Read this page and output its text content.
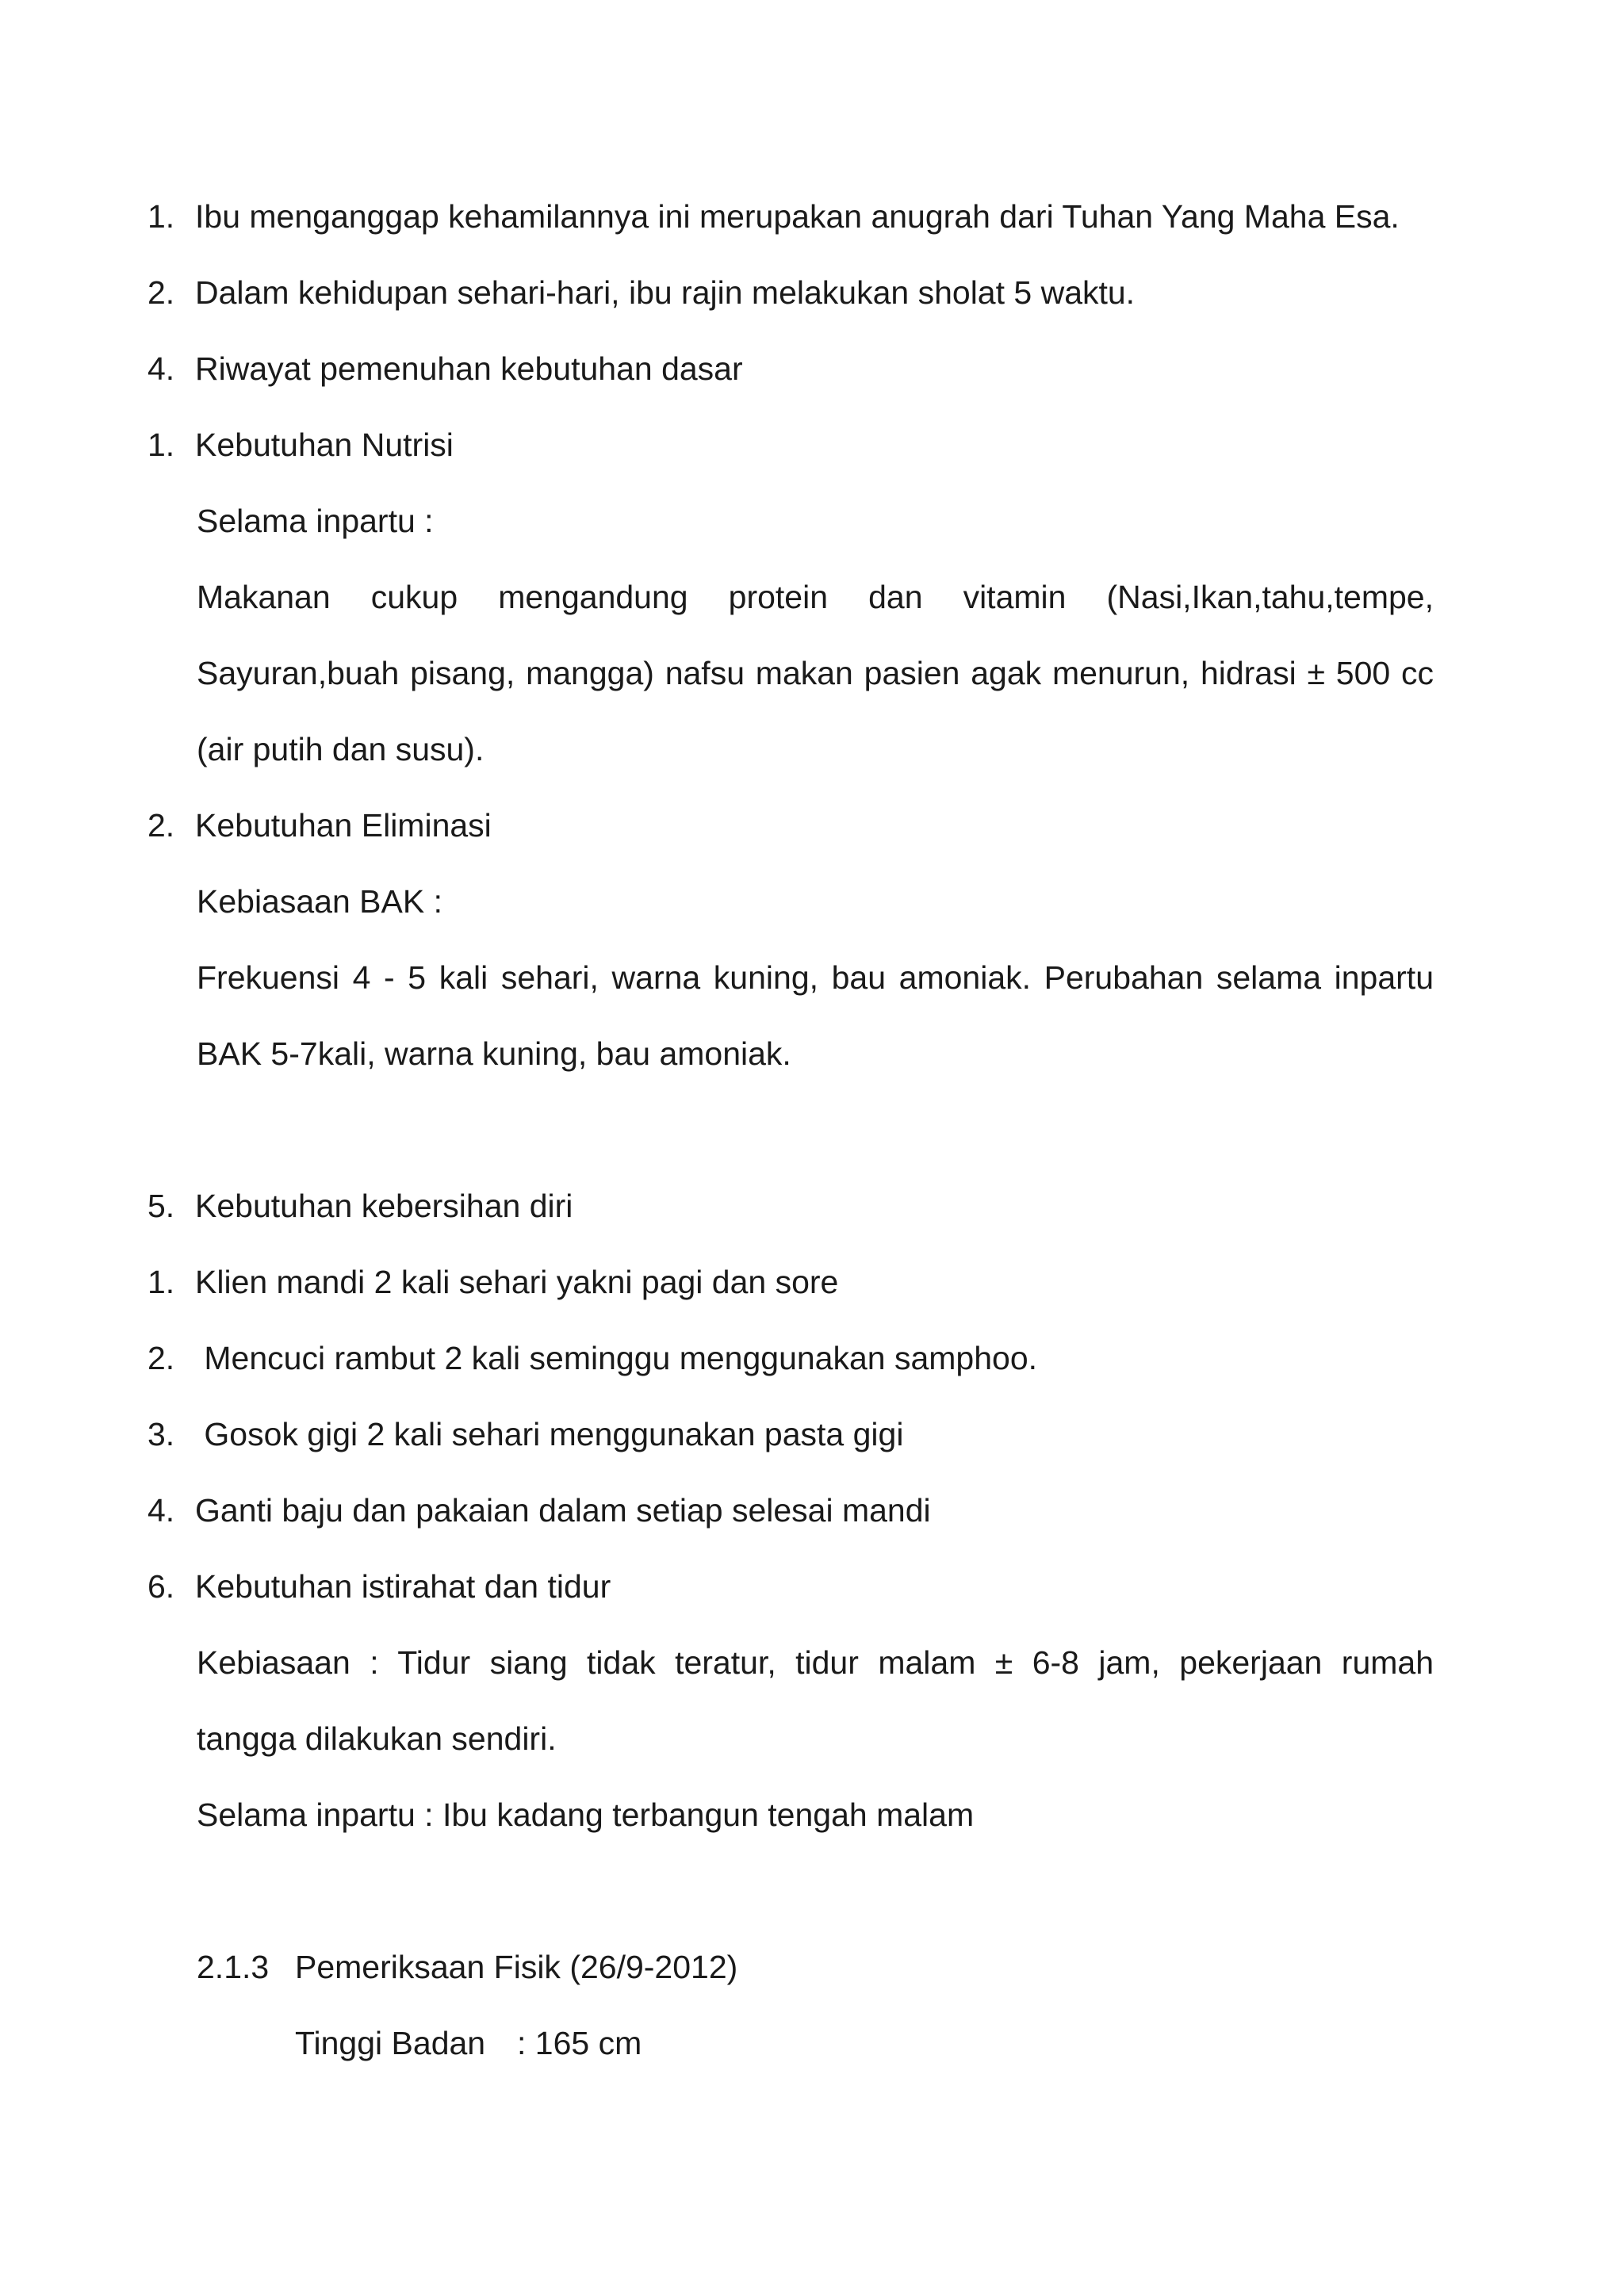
1. Ibu menganggap kehamilannya ini merupakan anugrah dari Tuhan Yang Maha Esa.
2. Dalam kehidupan sehari-hari, ibu rajin melakukan sholat 5 waktu.
4. Riwayat pemenuhan kebutuhan dasar
1. Kebutuhan Nutrisi
Selama inpartu :
Makanan cukup mengandung protein dan vitamin (Nasi,Ikan,tahu,tempe,
Sayuran,buah pisang, mangga) nafsu makan pasien agak menurun, hidrasi ± 500 cc
(air putih dan susu).
2. Kebutuhan Eliminasi
Kebiasaan BAK :
Frekuensi 4 - 5 kali sehari, warna kuning, bau amoniak. Perubahan selama inpartu
BAK 5-7kali, warna kuning, bau amoniak.
5. Kebutuhan kebersihan diri
1. Klien mandi 2 kali sehari yakni pagi dan sore
2. Mencuci rambut 2 kali seminggu menggunakan samphoo.
3. Gosok gigi 2 kali sehari menggunakan pasta gigi
4. Ganti baju dan pakaian dalam setiap selesai mandi
6. Kebutuhan istirahat dan tidur
Kebiasaan : Tidur siang tidak teratur, tidur malam ± 6-8 jam, pekerjaan rumah
tangga dilakukan sendiri.
Selama inpartu : Ibu kadang terbangun tengah malam
2.1.3 Pemeriksaan Fisik (26/9-2012)
Tinggi Badan : 165 cm
